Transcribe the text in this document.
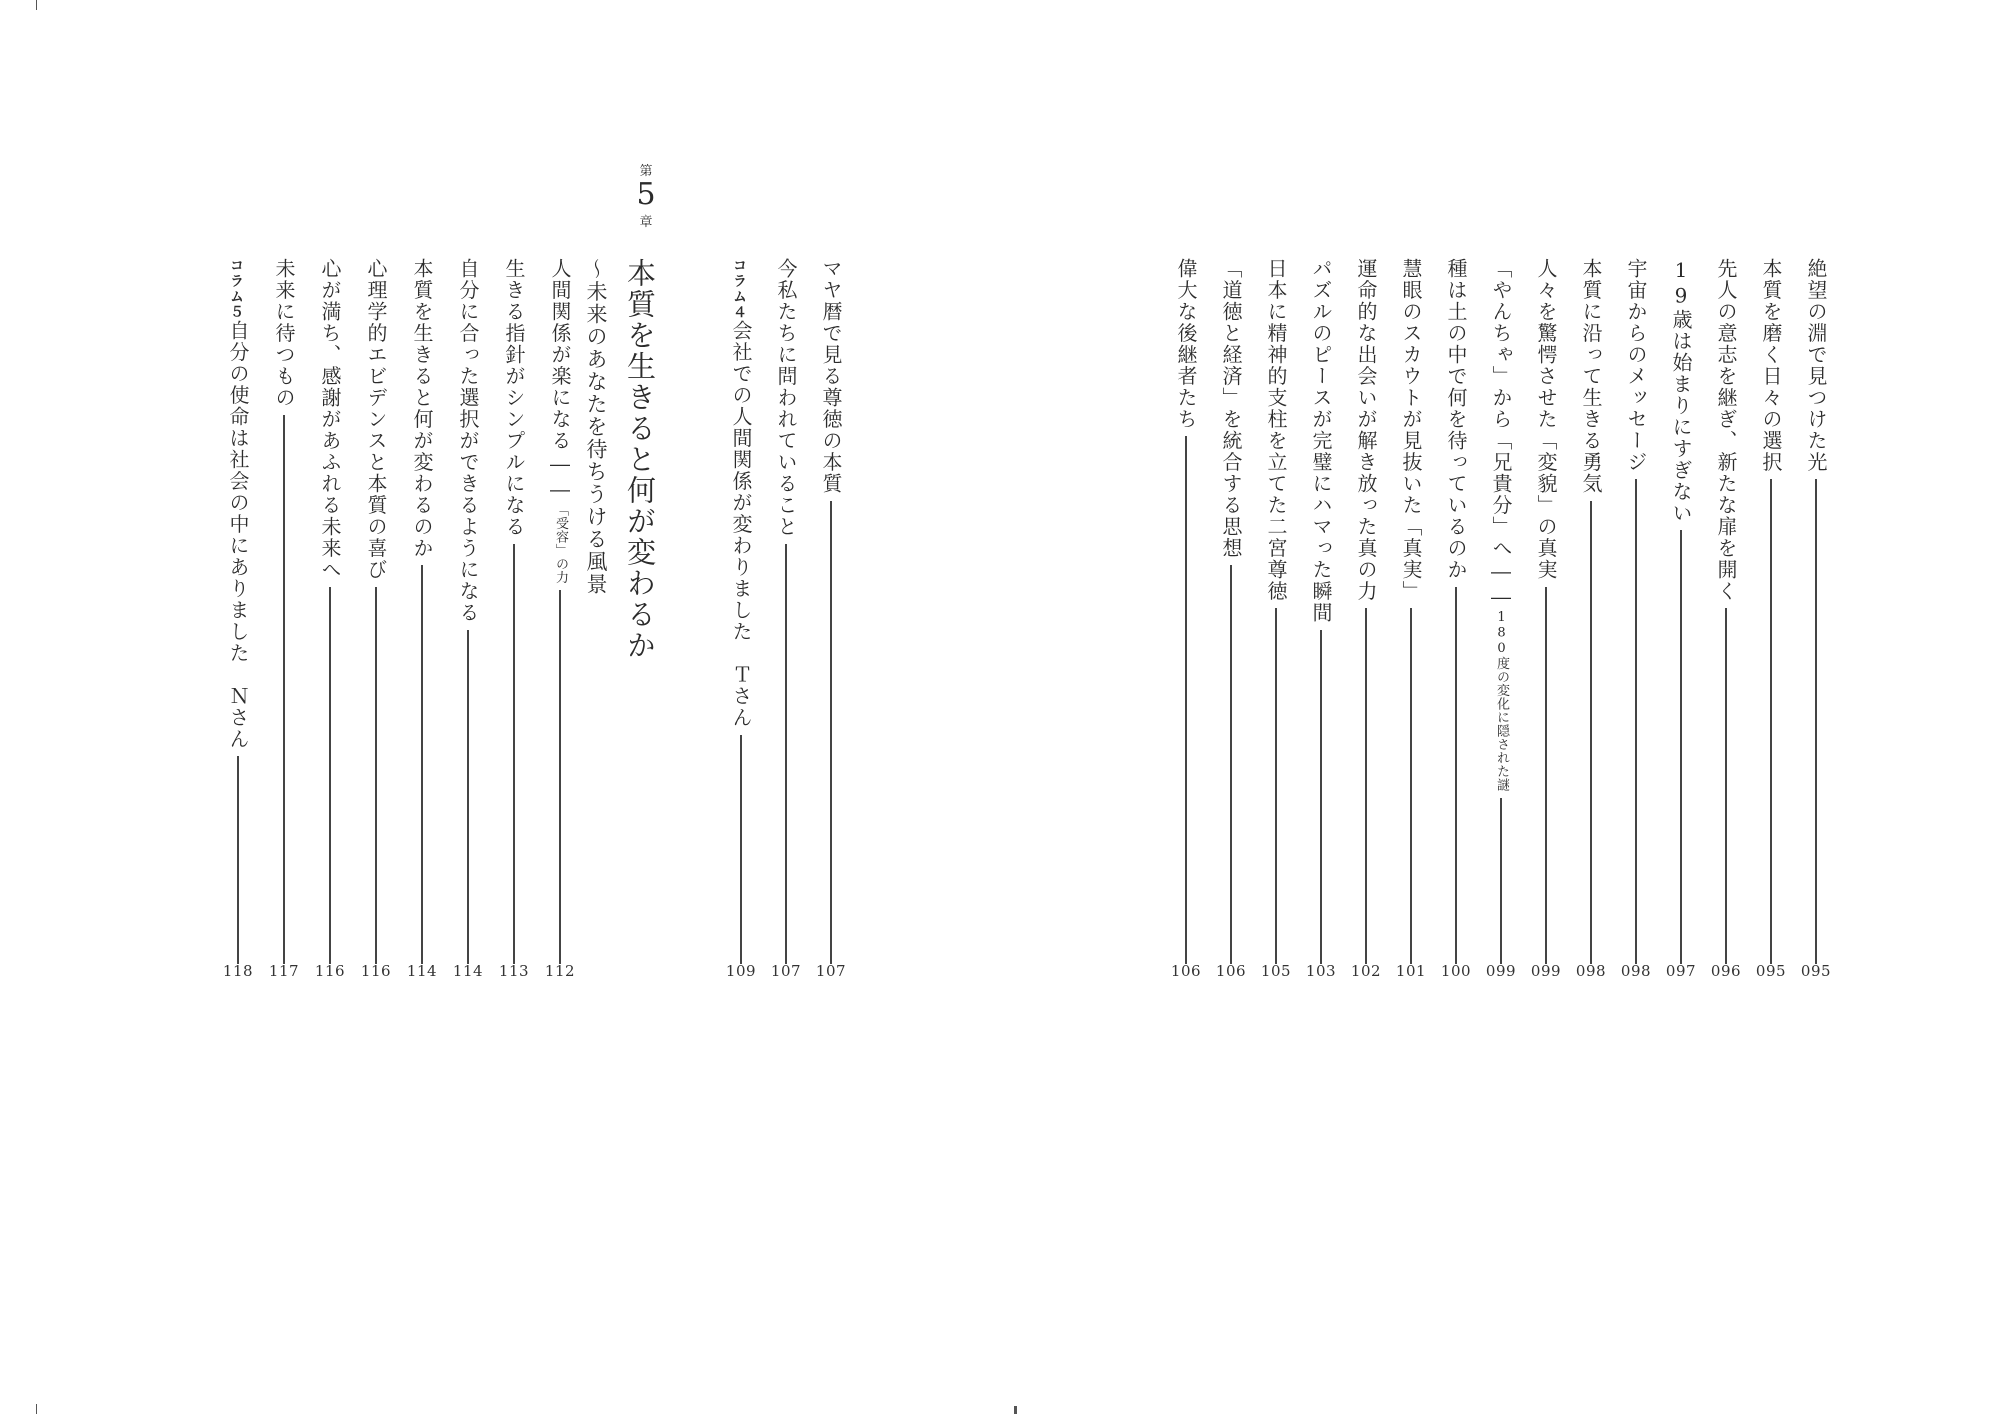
絶望の淵で見つけた光
095
本質を磨く日々の選択
095
先人の意志を継ぎ、新たな扉を開く
096
19歳は始まりにすぎない
097
宇宙からのメッセージ
098
本質に沿って生きる勇気
098
人々を驚愕させた「変貌」の真実
099
「やんちゃ」から「兄貴分」へ――
180度の変化に隠された謎
099
種は土の中で何を待っているのか
100
慧眼のスカウトが見抜いた「真実」
101
運命的な出会いが解き放った真の力
102
パズルのピースが完璧にハマった瞬間
103
日本に精神的支柱を立てた二宮尊徳
105
「道徳と経済」を統合する思想
106
偉大な後継者たち
106
マヤ暦で見る尊徳の本質
107
今私たちに問われていること
107
コラム４
会社での人間関係が変わりました　Ｔさん
109
第
5
章
本質を生きると何が変わるか
～未来のあなたを待ちうける風景
人間関係が楽になる――
「受容」の力
112
生きる指針がシンプルになる
113
自分に合った選択ができるようになる
114
本質を生きると何が変わるのか
114
心理学的エビデンスと本質の喜び
116
心が満ち、感謝があふれる未来へ
116
未来に待つもの
117
コラム５
自分の使命は社会の中にありました　Ｎさん
118
